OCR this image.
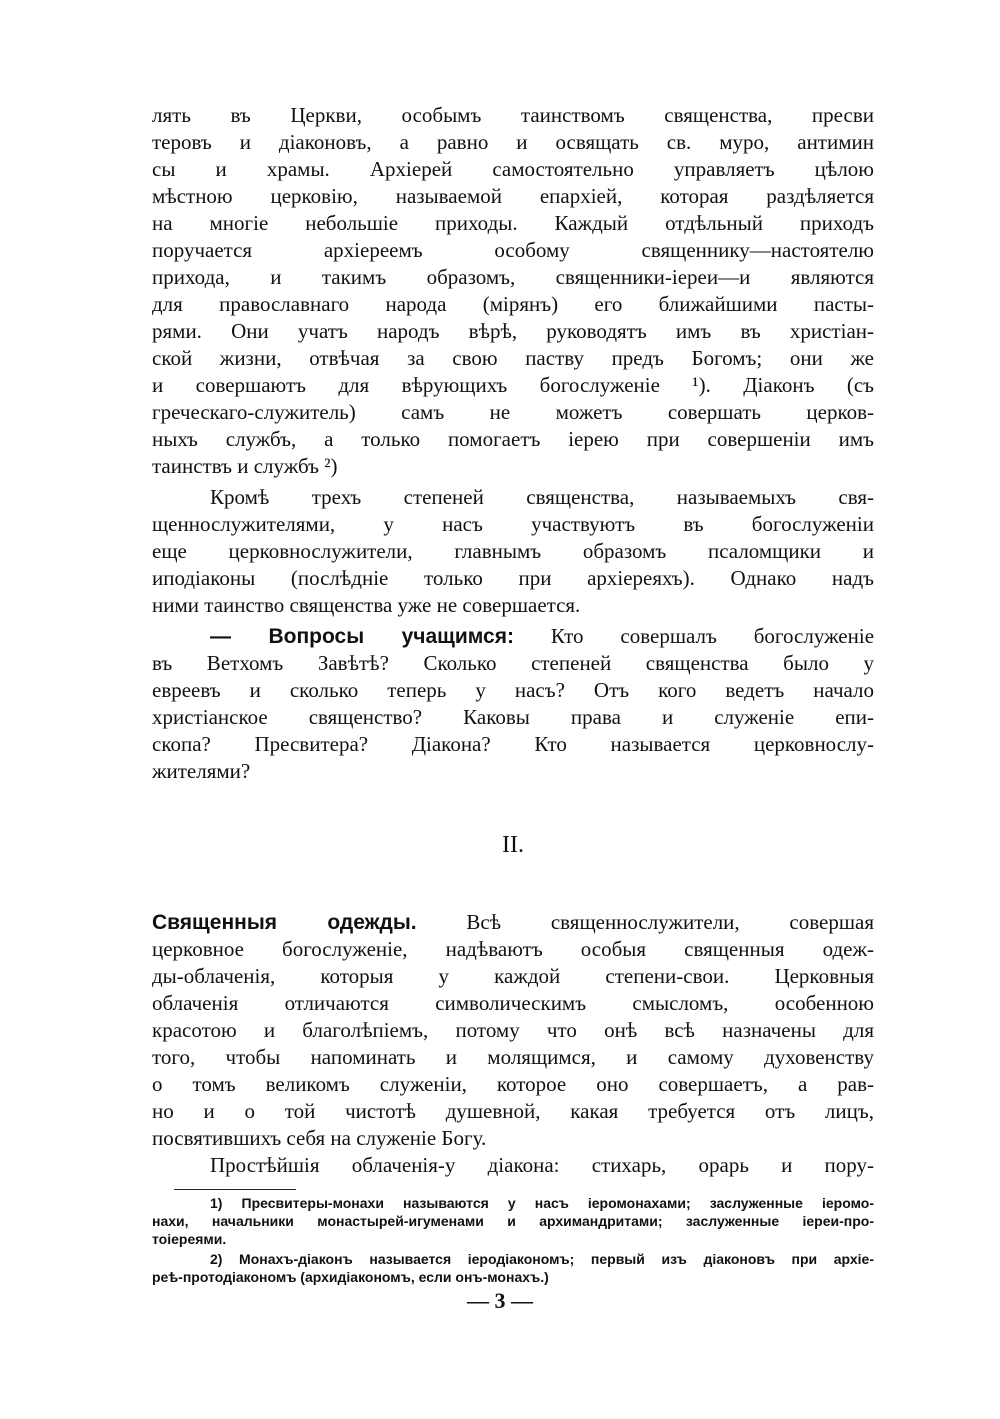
лять въ Церкви, особымъ таинствомъ священства, пресви
теровъ и діаконовъ, а равно и освящать св. муро, антимин
сы и храмы. Архіерей самостоятельно управляетъ цѣлою
мѣстною церковію, называемой епархіей, которая раздѣляется
на многіе небольшіе приходы. Каждый отдѣльный приходъ
поручается архіереемъ особому священнику—настоятелю
прихода, и такимъ образомъ, священники-іереи—и являются
для православнаго народа (мірянъ) его ближайшими пасты-
рями. Они учатъ народъ вѣрѣ, руководятъ имъ въ христіан-
ской жизни, отвѣчая за свою паству предъ Богомъ; они же
и совершаютъ для вѣрующихъ богослуженіе ¹). Діаконъ (съ
греческаго-служитель) самъ не можетъ совершать церков-
ныхъ службъ, а только помогаетъ іерею при совершеніи имъ
таинствъ и службъ ²)
Кромѣ трехъ степеней священства, называемыхъ свя-
щеннослужителями, у насъ участвуютъ въ богослуженіи
еще церковнослужители, главнымъ образомъ псаломщики и
иподіаконы (послѣдніе только при архіереяхъ). Однако надъ
ними таинство священства уже не совершается.
— Вопросы учащимся: Кто совершалъ богослуженіе
въ Ветхомъ Завѣтѣ? Сколько степеней священства было у
евреевъ и сколько теперь у насъ? Отъ кого ведетъ начало
христіанское священство? Каковы права и служеніе епи-
скопа? Пресвитера? Діакона? Кто называется церковнослу-
жителями?
II.
Священныя одежды. Всѣ священнослужители, совершая
церковное богослуженіе, надѣваютъ особыя священныя одеж-
ды-облаченія, которыя у каждой степени-свои. Церковныя
облаченія отличаются символическимъ смысломъ, особенною
красотою и благолѣпіемъ, потому что онѣ всѣ назначены для
того, чтобы напоминать и молящимся, и самому духовенству
о томъ великомъ служеніи, которое оно совершаетъ, а рав-
но и о той чистотѣ душевной, какая требуется отъ лицъ,
посвятившихъ себя на служеніе Богу.
Простѣйшія облаченія-у діакона: стихарь, орарь и пору-
1) Пресвитеры-монахи называются у насъ іеромонахами; заслуженные іеромо-
нахи, начальники монастырей-игуменами и архимандритами; заслуженные іереи-про-
тоіереями.
2) Монахъ-діаконъ называется іеродіакономъ; первый изъ діаконовъ при архіе-
реѣ-протодіакономъ (архидіакономъ, если онъ-монахъ.)
— 3 —
